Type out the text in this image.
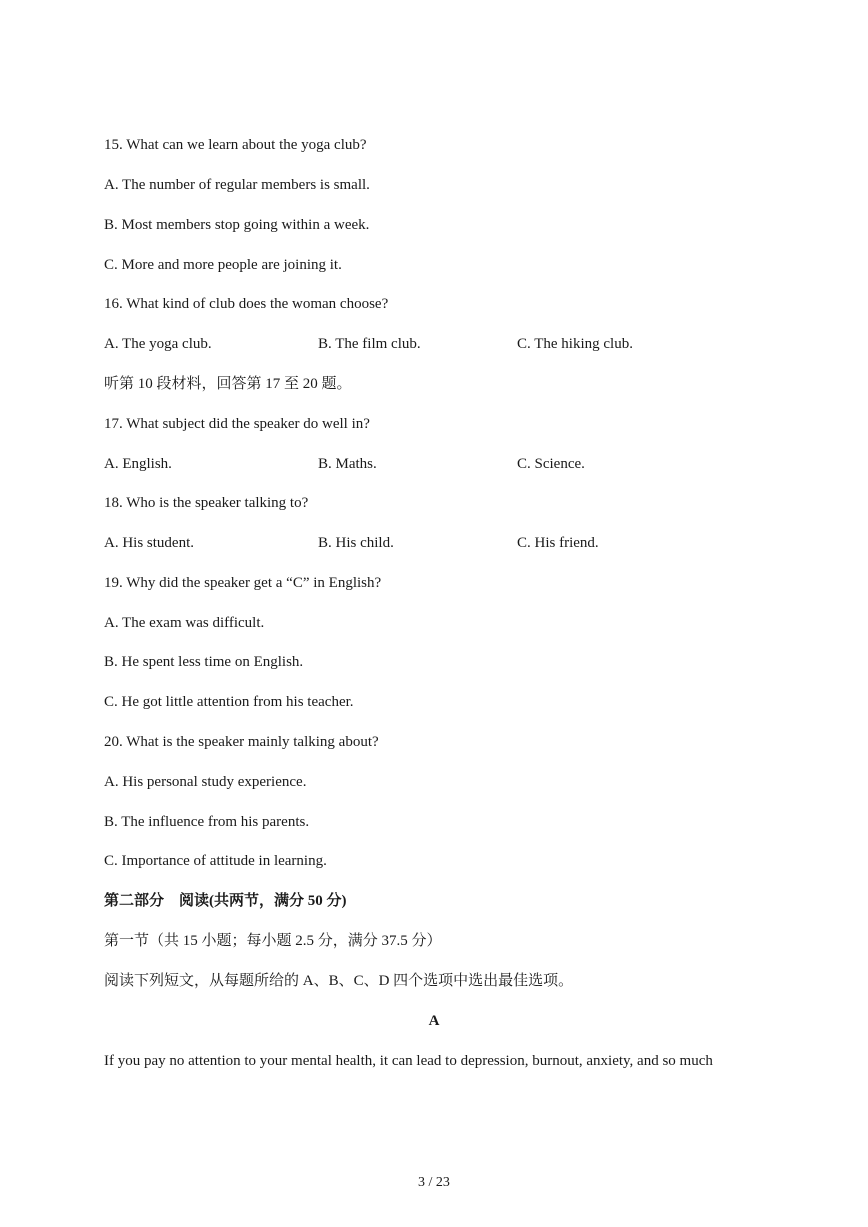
15. What can we learn about the yoga club?

A. The number of regular members is small.

B. Most members stop going within a week.

C. More and more people are joining it.

16. What kind of club does the woman choose?

A. The yoga club.	B. The film club.	C. The hiking club.

听第 10 段材料，回答第 17 至 20 题。

17. What subject did the speaker do well in?

A. English.	B. Maths.	C. Science.

18. Who is the speaker talking to?

A. His student.	B. His child.	C. His friend.

19. Why did the speaker get a “C” in English?

A. The exam was difficult.

B. He spent less time on English.

C. He got little attention from his teacher.

20. What is the speaker mainly talking about?

A. His personal study experience.

B. The influence from his parents.

C. Importance of attitude in learning.

第二部分　阅读(共两节，满分 50 分)

第一节（共 15 小题；每小题 2.5 分，满分 37.5 分）

阅读下列短文，从每题所给的 A、B、C、D 四个选项中选出最佳选项。

A

If you pay no attention to your mental health, it can lead to depression, burnout, anxiety, and so much

3 / 23
